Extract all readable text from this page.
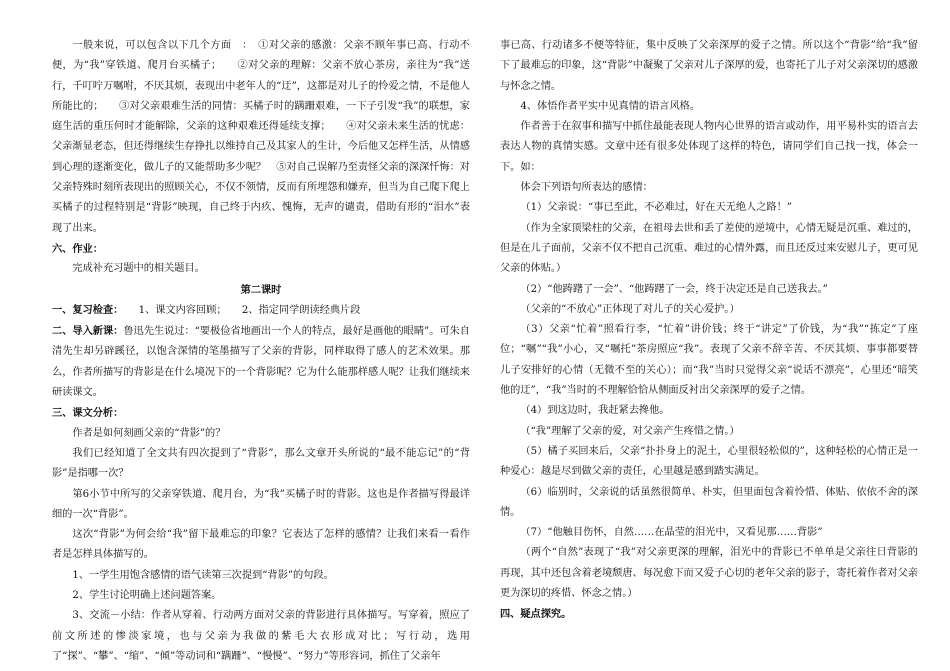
一般来说，可以包含以下几个方面　：　①对父亲的感激：父亲不顾年事已高、行动不便，为“我”穿铁道、爬月台买橘子；　　②对父亲的理解：父亲不放心茶房，亲往为“我”送行，千叮咛万嘱咐，不厌其烦，表现出中老年人的“迂”，这都是对儿子的怜爱之情，不是他人所能比的；　　③对父亲艰难生活的同情：买橘子时的蹒跚艰难，一下子引发“我”的联想，家庭生活的重压何时才能解除，父亲的这种艰难还得延续支撑；　　④对父亲未来生活的忧虑：父亲渐显老态，但还得继续生存挣扎以维持自己及其家人的生计，今后他又怎样生活，从情感到心理的逐渐变化，做儿子的又能帮助多少呢？　⑤对自己误解乃至责怪父亲的深深忏悔：对父亲特殊时刻所表现出的照顾关心，不仅不领情，反而有所埋怨和嫌弃，但当为自己爬下爬上买橘子的过程特别是“背影”映现，自己终于内疚、愧悔，无声的谴责，借助有形的“泪水”表现了出来。

六、作业：

完成补充习题中的相关题目。

第二课时

一、复习检查：　　1、课文内容回顾；　　2、指定同学朗读经典片段

二、导入新课：鲁迅先生说过：“要极俭省地画出一个人的特点，最好是画他的眼睛”。可朱自清先生却另辟蹊径，以饱含深情的笔墨描写了父亲的背影，同样取得了感人的艺术效果。那么，作者所描写的背影是在什么境况下的一个背影呢？它为什么能那样感人呢？让我们继续来研读课文。

三、课文分析：

作者是如何刻画父亲的“背影”的？

我们已经知道了全文共有四次提到了“背影”，那么文章开头所说的“最不能忘记”的“背影”是指哪一次？

第6小节中所写的父亲穿铁道、爬月台，为“我”买橘子时的背影。这也是作者描写得最详细的一次“背影”。

这次“背影”为何会给“我”留下最难忘的印象？它表达了怎样的感情？让我们来看一看作者是怎样具体描写的。

1、一学生用饱含感情的语气读第三次提到“背影”的句段。

2、学生讨论明确上述问题答案。

3、交流－小结：作者从穿着、行动两方面对父亲的背影进行具体描写。写穿着，照应了前文所述的惨淡家境，也与父亲为我做的紫毛大衣形成对比；写行动，选用了“探”、“攀”、“缩”、“倾”等动词和“蹒跚”、“慢慢”、“努力”等形容词，抓住了父亲年

事已高、行动诸多不便等特征，集中反映了父亲深厚的爱子之情。所以这个“背影”给“我”留下了最难忘的印象，这“背影”中凝聚了父亲对儿子深厚的爱，也寄托了儿子对父亲深切的感激与怀念之情。

4、体悟作者平实中见真情的语言风格。

作者善于在叙事和描写中抓住最能表现人物内心世界的语言或动作，用平易朴实的语言去表达人物的真情实感。文章中还有很多处体现了这样的特色，请同学们自己找一找，体会一下。如：

体会下列语句所表达的感情：

（1）父亲说：“事已至此，不必难过，好在天无绝人之路！”

（作为全家顶梁柱的父亲，在祖母去世和丢了差使的逆境中，心情无疑是沉重、难过的，但是在儿子面前，父亲不仅不把自己沉重、难过的心情外露，而且还反过来安慰儿子，更可见父亲的体贴。）

（2）“他踌躇了一会”、“他踌躇了一会，终于决定还是自己送我去。”

（父亲的“不放心”正体现了对儿子的关心爱护。）

（3）父亲“忙着”照看行李，“忙着”讲价钱；终于“讲定”了价钱，为“我”“拣定”了座位；“嘱”“我”小心，又“嘱托”茶房照应“我”。表现了父亲不辞辛苦、不厌其烦、事事都要替儿子安排好的心情（无微不至的关心）；而“我”当时只觉得父亲“说话不漂亮”，心里还“暗笑他的迂”，“我”当时的不理解恰恰从侧面反衬出父亲深厚的爱子之情。

（4）到这边时，我赶紧去搀他。

（“我”理解了父亲的爱，对父亲产生疼惜之情。）

（5）橘子买回来后，父亲“扑扑身上的泥土，心里很轻松似的”，这种轻松的心情正是一种爱心：越是尽到做父亲的责任，心里越是感到踏实满足。

（6）临别时，父亲说的话虽然很简单、朴实，但里面包含着怜惜、体贴、依依不舍的深情。

（7）“他触目伤怀，自然……在晶莹的泪光中，又看见那……背影”

（两个“自然”表现了“我”对父亲更深的理解，泪光中的背影已不单单是父亲往日背影的再现，其中还包含着老境颓唐、每况愈下而又爱子心切的老年父亲的影子，寄托着作者对父亲更为深切的疼惜、怀念之情。）

四、疑点探究。
